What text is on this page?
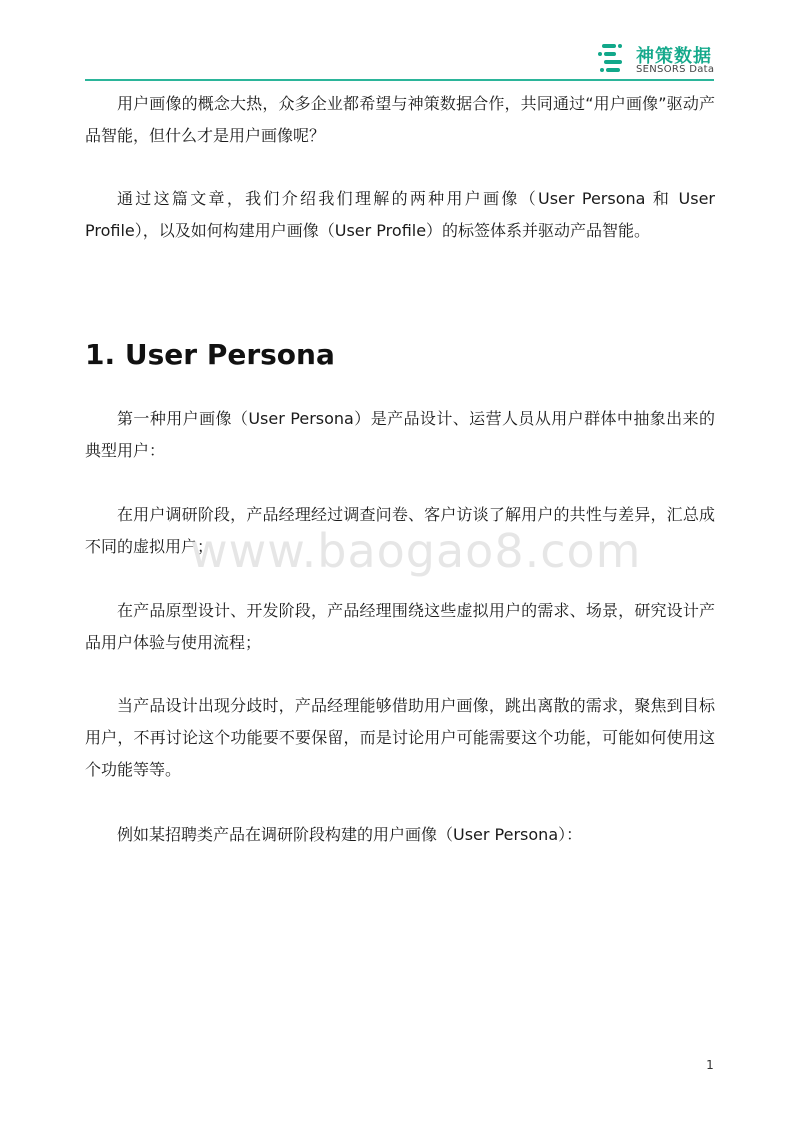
神策数据
SENSORS Data

用户画像的概念大热，众多企业都希望与神策数据合作，共同通过“用户画像”驱动产品智能，但什么才是用户画像呢？

通过这篇文章，我们介绍我们理解的两种用户画像（User Persona 和 User Profile），以及如何构建用户画像（User Profile）的标签体系并驱动产品智能。

1. User Persona

第一种用户画像（User Persona）是产品设计、运营人员从用户群体中抽象出来的典型用户：

在用户调研阶段，产品经理经过调查问卷、客户访谈了解用户的共性与差异，汇总成不同的虚拟用户；

www.baogao8.com

在产品原型设计、开发阶段，产品经理围绕这些虚拟用户的需求、场景，研究设计产品用户体验与使用流程；

当产品设计出现分歧时，产品经理能够借助用户画像，跳出离散的需求，聚焦到目标用户，不再讨论这个功能要不要保留，而是讨论用户可能需要这个功能，可能如何使用这个功能等等。

例如某招聘类产品在调研阶段构建的用户画像（User Persona）：

1
